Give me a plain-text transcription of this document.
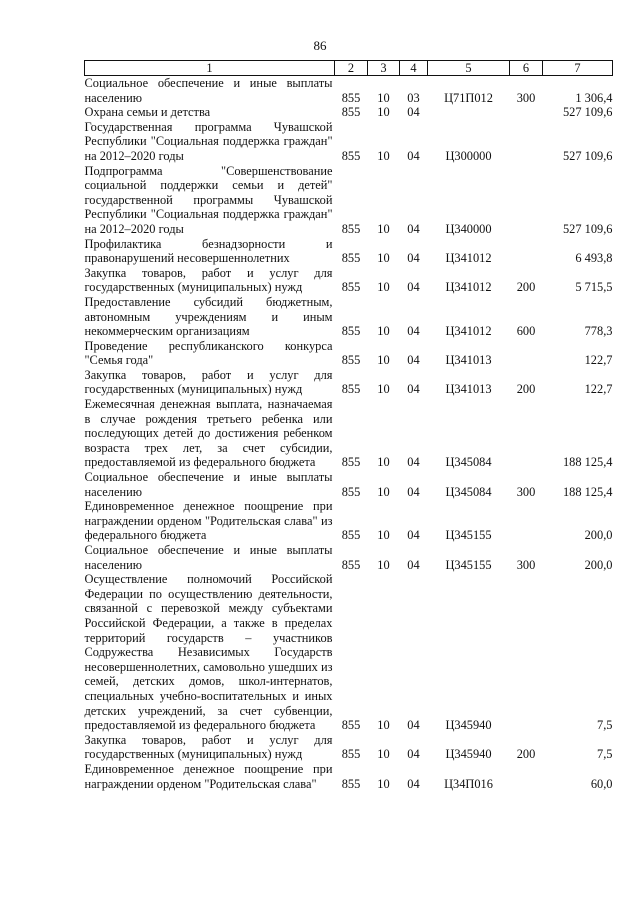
86
1	2	3	4	5	6	7
Социальное обеспечение и иные выплаты населению	855	10	03	Ц71П012	300	1 306,4
Охрана семьи и детства	855	10	04			527 109,6
Государственная программа Чувашской Республики "Социальная поддержка граждан" на 2012–2020 годы	855	10	04	Ц300000		527 109,6
Подпрограмма "Совершенствование социальной поддержки семьи и детей" государственной программы Чувашской Республики "Социальная поддержка граждан" на 2012–2020 годы	855	10	04	Ц340000		527 109,6
Профилактика безнадзорности и правонарушений несовершеннолетних	855	10	04	Ц341012		6 493,8
Закупка товаров, работ и услуг для государственных (муниципальных) нужд	855	10	04	Ц341012	200	5 715,5
Предоставление субсидий бюджетным, автономным учреждениям и иным некоммерческим организациям	855	10	04	Ц341012	600	778,3
Проведение республиканского конкурса "Семья года"	855	10	04	Ц341013		122,7
Закупка товаров, работ и услуг для государственных (муниципальных) нужд	855	10	04	Ц341013	200	122,7
Ежемесячная денежная выплата, назначаемая в случае рождения третьего ребенка или последующих детей до достижения ребенком возраста трех лет, за счет субсидии, предоставляемой из федерального бюджета	855	10	04	Ц345084		188 125,4
Социальное обеспечение и иные выплаты населению	855	10	04	Ц345084	300	188 125,4
Единовременное денежное поощрение при награждении орденом "Родительская слава" из федерального бюджета	855	10	04	Ц345155		200,0
Социальное обеспечение и иные выплаты населению	855	10	04	Ц345155	300	200,0
Осуществление полномочий Российской Федерации по осуществлению деятельности, связанной с перевозкой между субъектами Российской Федерации, а также в пределах территорий государств – участников Содружества Независимых Государств несовершеннолетних, самовольно ушедших из семей, детских домов, школ-интернатов, специальных учебно-воспитательных и иных детских учреждений, за счет субвенции, предоставляемой из федерального бюджета	855	10	04	Ц345940		7,5
Закупка товаров, работ и услуг для государственных (муниципальных) нужд	855	10	04	Ц345940	200	7,5
Единовременное денежное поощрение при награждении орденом "Родительская слава"	855	10	04	Ц34П016		60,0
